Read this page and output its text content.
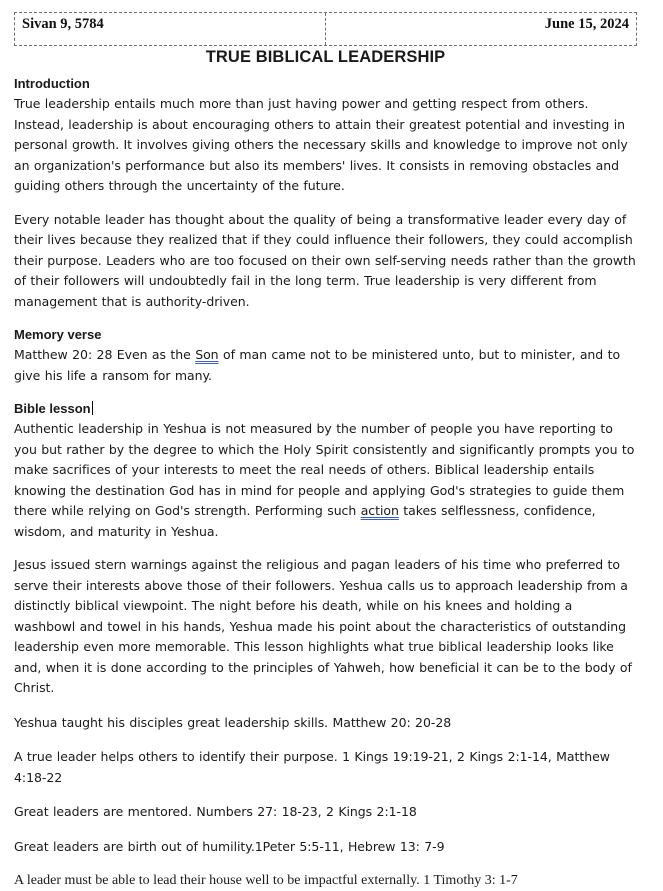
Sivan 9, 5784	June 15, 2024
TRUE BIBLICAL LEADERSHIP
Introduction
True leadership entails much more than just having power and getting respect from others. Instead, leadership is about encouraging others to attain their greatest potential and investing in personal growth. It involves giving others the necessary skills and knowledge to improve not only an organization's performance but also its members' lives. It consists in removing obstacles and guiding others through the uncertainty of the future.
Every notable leader has thought about the quality of being a transformative leader every day of their lives because they realized that if they could influence their followers, they could accomplish their purpose. Leaders who are too focused on their own self-serving needs rather than the growth of their followers will undoubtedly fail in the long term. True leadership is very different from management that is authority-driven.
Memory verse
Matthew 20: 28 Even as the Son of man came not to be ministered unto, but to minister, and to give his life a ransom for many.
Bible lesson
Authentic leadership in Yeshua is not measured by the number of people you have reporting to you but rather by the degree to which the Holy Spirit consistently and significantly prompts you to make sacrifices of your interests to meet the real needs of others. Biblical leadership entails knowing the destination God has in mind for people and applying God's strategies to guide them there while relying on God's strength. Performing such action takes selflessness, confidence, wisdom, and maturity in Yeshua.
Jesus issued stern warnings against the religious and pagan leaders of his time who preferred to serve their interests above those of their followers. Yeshua calls us to approach leadership from a distinctly biblical viewpoint. The night before his death, while on his knees and holding a washbowl and towel in his hands, Yeshua made his point about the characteristics of outstanding leadership even more memorable. This lesson highlights what true biblical leadership looks like and, when it is done according to the principles of Yahweh, how beneficial it can be to the body of Christ.
Yeshua taught his disciples great leadership skills. Matthew 20: 20-28
A true leader helps others to identify their purpose. 1 Kings 19:19-21, 2 Kings 2:1-14, Matthew 4:18-22
Great leaders are mentored. Numbers 27: 18-23, 2 Kings 2:1-18
Great leaders are birth out of humility.1Peter 5:5-11, Hebrew 13: 7-9
A leader must be able to lead their house well to be impactful externally. 1 Timothy 3: 1-7
